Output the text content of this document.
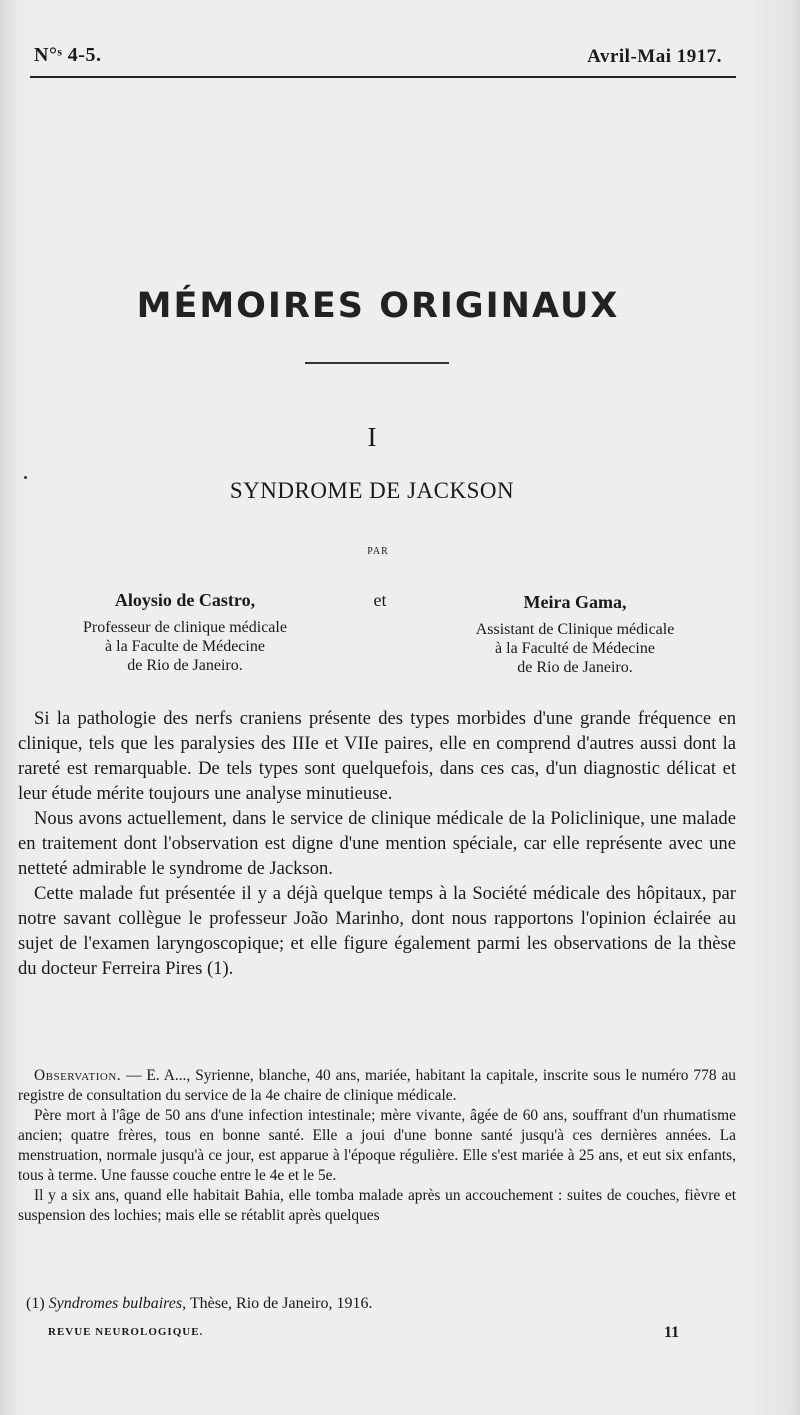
N°ˢ 4-5.	Avril-Mai 1917.
MÉMOIRES ORIGINAUX
I
SYNDROME DE JACKSON
PAR
Aloysio de Castro,	et	Meira Gama,
Professeur de clinique médicale
à la Faculte de Médecine
de Rio de Janeiro.
Assistant de Clinique médicale
à la Faculté de Médecine
de Rio de Janeiro.

Si la pathologie des nerfs craniens présente des types morbides d'une grande fréquence en clinique, tels que les paralysies des IIIe et VIIe paires, elle en comprend d'autres aussi dont la rareté est remarquable. De tels types sont quelquefois, dans ces cas, d'un diagnostic délicat et leur étude mérite toujours une analyse minutieuse.

Nous avons actuellement, dans le service de clinique médicale de la Policlinique, une malade en traitement dont l'observation est digne d'une mention spéciale, car elle représente avec une netteté admirable le syndrome de Jackson.

Cette malade fut présentée il y a déjà quelque temps à la Société médicale des hôpitaux, par notre savant collègue le professeur João Marinho, dont nous rapportons l'opinion éclairée au sujet de l'examen laryngoscopique; et elle figure également parmi les observations de la thèse du docteur Ferreira Pires (1).

Observation. — E. A..., Syrienne, blanche, 40 ans, mariée, habitant la capitale, inscrite sous le numéro 778 au registre de consultation du service de la 4e chaire de clinique médicale.

Père mort à l'âge de 50 ans d'une infection intestinale; mère vivante, âgée de 60 ans, souffrant d'un rhumatisme ancien; quatre frères, tous en bonne santé. Elle a joui d'une bonne santé jusqu'à ces dernières années. La menstruation, normale jusqu'à ce jour, est apparue à l'époque régulière. Elle s'est mariée à 25 ans, et eut six enfants, tous à terme. Une fausse couche entre le 4e et le 5e.

Il y a six ans, quand elle habitait Bahia, elle tomba malade après un accouchement : suites de couches, fièvre et suspension des lochies; mais elle se rétablit après quelques

(1) Syndromes bulbaires, Thèse, Rio de Janeiro, 1916.
REVUE NEUROLOGIQUE.	11
